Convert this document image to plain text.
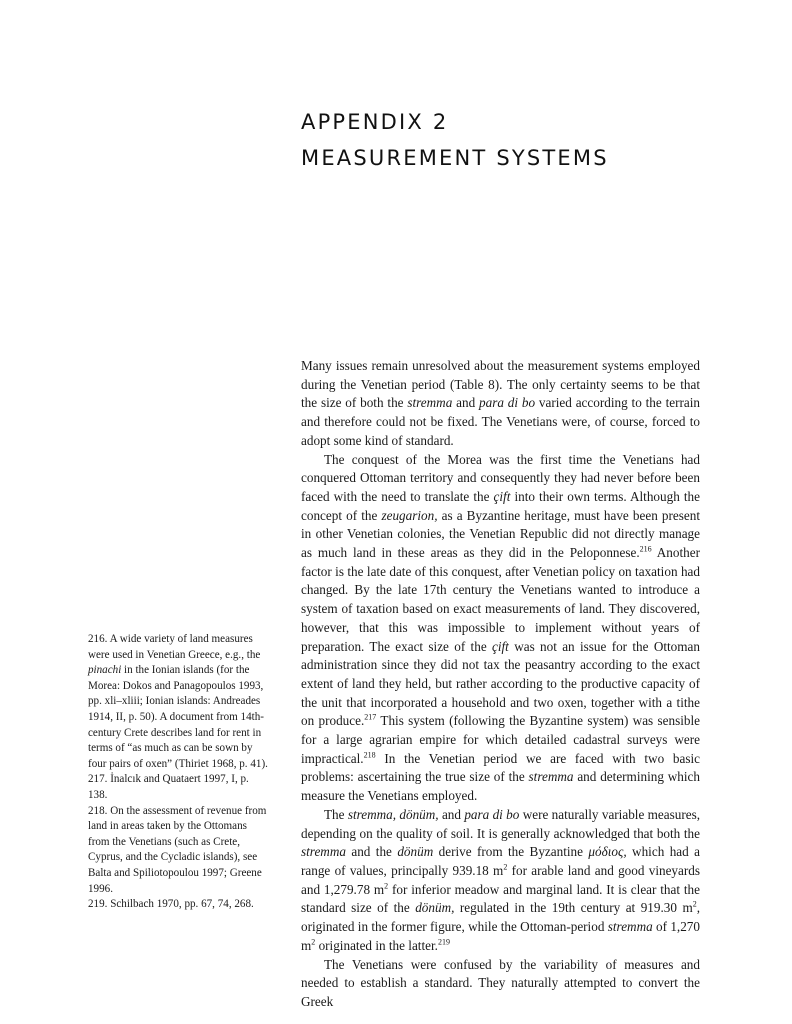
APPENDIX 2
MEASUREMENT SYSTEMS

Many issues remain unresolved about the measurement systems employed during the Venetian period (Table 8). The only certainty seems to be that the size of both the stremma and para di bo varied according to the terrain and therefore could not be fixed. The Venetians were, of course, forced to adopt some kind of standard.

The conquest of the Morea was the first time the Venetians had conquered Ottoman territory and consequently they had never before been faced with the need to translate the çift into their own terms. Although the concept of the zeugarion, as a Byzantine heritage, must have been present in other Venetian colonies, the Venetian Republic did not directly manage as much land in these areas as they did in the Peloponnese.$^{216}$ Another factor is the late date of this conquest, after Venetian policy on taxation had changed. By the late 17th century the Venetians wanted to introduce a system of taxation based on exact measurements of land. They discovered, however, that this was impossible to implement without years of preparation. The exact size of the çift was not an issue for the Ottoman administration since they did not tax the peasantry according to the exact extent of land they held, but rather according to the productive capacity of the unit that incorporated a household and two oxen, together with a tithe on produce.$^{217}$ This system (following the Byzantine system) was sensible for a large agrarian empire for which detailed cadastral surveys were impractical.$^{218}$ In the Venetian period we are faced with two basic problems: ascertaining the true size of the stremma and determining which measure the Venetians employed.

The stremma, dönüm, and para di bo were naturally variable measures, depending on the quality of soil. It is generally acknowledged that both the stremma and the dönüm derive from the Byzantine μόδιος, which had a range of values, principally 939.18 $m^2$ for arable land and good vineyards and 1,279.78 $m^2$ for inferior meadow and marginal land. It is clear that the standard size of the dönüm, regulated in the 19th century at 919.30 $m^2$, originated in the former figure, while the Ottoman-period stremma of 1,270 $m^2$ originated in the latter.$^{219}$

The Venetians were confused by the variability of measures and needed to establish a standard. They naturally attempted to convert the Greek

216. A wide variety of land measures were used in Venetian Greece, e.g., the pinachi in the Ionian islands (for the Morea: Dokos and Panagopoulos 1993, pp. xli–xliii; Ionian islands: Andreades 1914, II, p. 50). A document from 14th-century Crete describes land for rent in terms of “as much as can be sown by four pairs of oxen” (Thiriet 1968, p. 41).

217. İnalcık and Quataert 1997, I, p. 138.

218. On the assessment of revenue from land in areas taken by the Ottomans from the Venetians (such as Crete, Cyprus, and the Cycladic islands), see Balta and Spiliotopoulou 1997; Greene 1996.

219. Schilbach 1970, pp. 67, 74, 268.
